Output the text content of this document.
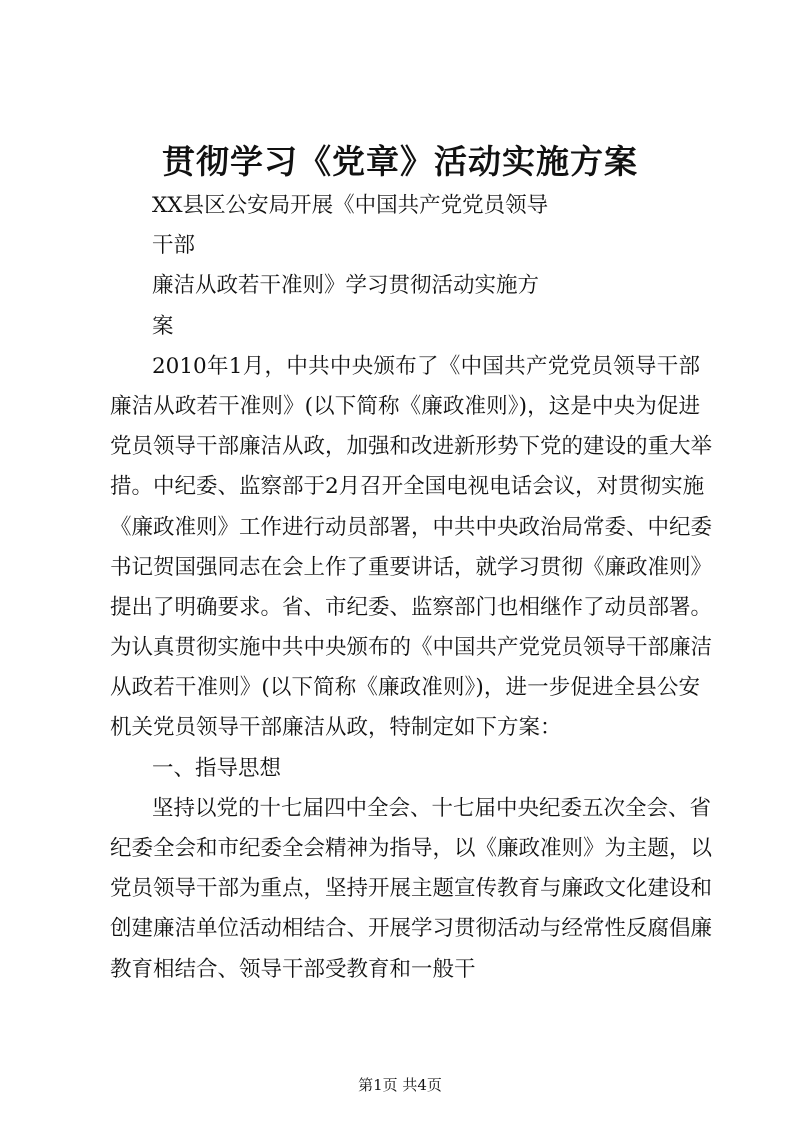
贯彻学习《党章》活动实施方案
XX县区公安局开展《中国共产党党员领导
干部
廉洁从政若干准则》学习贯彻活动实施方
案
2010年1月，中共中央颁布了《中国共产党党员领导干部
廉洁从政若干准则》(以下简称《廉政准则》)，这是中央为促进
党员领导干部廉洁从政，加强和改进新形势下党的建设的重大举
措。中纪委、监察部于2月召开全国电视电话会议，对贯彻实施
《廉政准则》工作进行动员部署，中共中央政治局常委、中纪委
书记贺国强同志在会上作了重要讲话，就学习贯彻《廉政准则》
提出了明确要求。省、市纪委、监察部门也相继作了动员部署。
为认真贯彻实施中共中央颁布的《中国共产党党员领导干部廉洁
从政若干准则》(以下简称《廉政准则》)，进一步促进全县公安
机关党员领导干部廉洁从政，特制定如下方案：
一、指导思想
坚持以党的十七届四中全会、十七届中央纪委五次全会、省
纪委全会和市纪委全会精神为指导，以《廉政准则》为主题，以
党员领导干部为重点，坚持开展主题宣传教育与廉政文化建设和
创建廉洁单位活动相结合、开展学习贯彻活动与经常性反腐倡廉
教育相结合、领导干部受教育和一般干
第1页 共4页
